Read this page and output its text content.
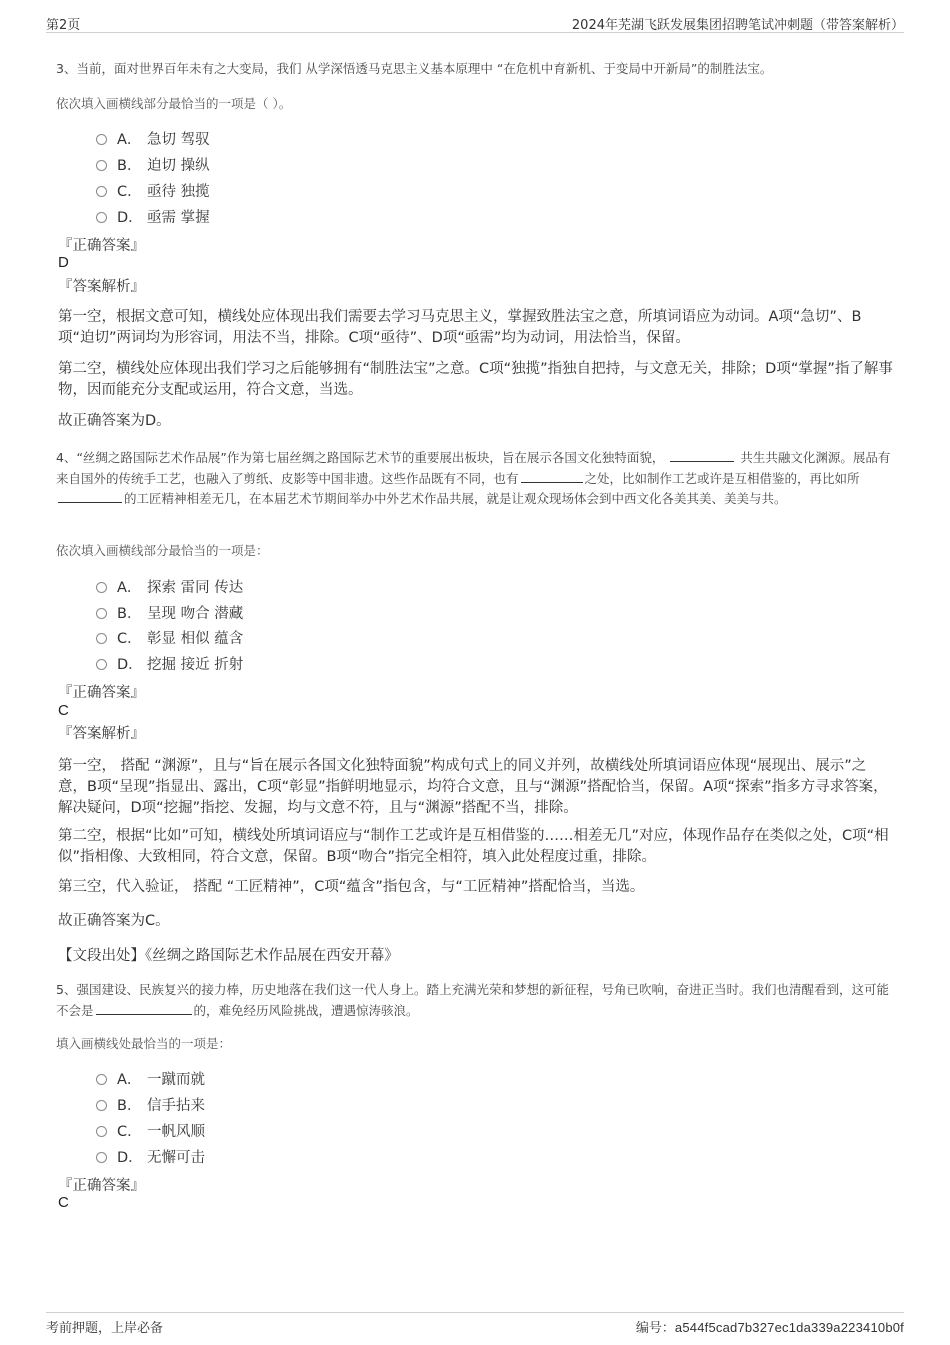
第2页	2024年芜湖飞跃发展集团招聘笔试冲刺题（带答案解析）
3、当前，面对世界百年未有之大变局，我们 从学深悟透马克思主义基本原理中 “在危机中育新机、于变局中开新局”的制胜法宝。
依次填入画横线部分最恰当的一项是（ ）。
A． 急切 驾驭
B． 迫切 操纵
C． 亟待 独揽
D． 亟需 掌握
『正确答案』
D
『答案解析』
第一空，根据文意可知，横线处应体现出我们需要去学习马克思主义，掌握致胜法宝之意，所填词语应为动词。A项“急切”、B项“迫切”两词均为形容词，用法不当，排除。C项“亟待”、D项“亟需”均为动词，用法恰当，保留。
第二空，横线处应体现出我们学习之后能够拥有“制胜法宝”之意。C项“独揽”指独自把持，与文意无关，排除；D项“掌握”指了解事物，因而能充分支配或运用，符合文意，当选。
故正确答案为D。
4、“丝绸之路国际艺术作品展”作为第七届丝绸之路国际艺术节的重要展出板块，旨在展示各国文化独特面貌，	共生共融文化渊源。展品有来自国外的传统手工艺，也融入了剪纸、皮影等中国非遗。这些作品既有不同，也有	之处，比如制作工艺或许是互相借鉴的，再比如所的工匠精神相差无几，在本届艺术节期间举办中外艺术作品共展，就是让观众现场体会到中西文化各美其美、美美与共。
依次填入画横线部分最恰当的一项是：
A． 探索 雷同 传达
B． 呈现 吻合 潜藏
C． 彰显 相似 蕴含
D． 挖掘 接近 折射
『正确答案』
C
『答案解析』
第一空， 搭配 “渊源”，且与“旨在展示各国文化独特面貌”构成句式上的同义并列，故横线处所填词语应体现“展现出、展示”之意，B项“呈现”指显出、露出，C项“彰显”指鲜明地显示，均符合文意，且与“渊源”搭配恰当，保留。A项“探索”指多方寻求答案， 解决疑问，D项“挖掘”指挖、发掘，均与文意不符，且与“渊源”搭配不当，排除。
第二空，根据“比如”可知，横线处所填词语应与“制作工艺或许是互相借鉴的……相差无几”对应，体现作品存在类似之处，C项“相似”指相像、大致相同，符合文意，保留。B项“吻合”指完全相符，填入此处程度过重，排除。
第三空，代入验证， 搭配 “工匠精神”，C项“蕴含”指包含，与“工匠精神”搭配恰当，当选。
故正确答案为C。
【文段出处】《丝绸之路国际艺术作品展在西安开幕》
5、强国建设、民族复兴的接力棒，历史地落在我们这一代人身上。踏上充满光荣和梦想的新征程，号角已吹响，奋进正当时。我们也清醒看到，这可能不会是	的，难免经历风险挑战，遭遇惊涛骇浪。
填入画横线处最恰当的一项是：
A． 一蹴而就
B． 信手拈来
C． 一帆风顺
D． 无懈可击
『正确答案』
C
考前押题，上岸必备	编号：a544f5cad7b327ec1da339a223410b0f
